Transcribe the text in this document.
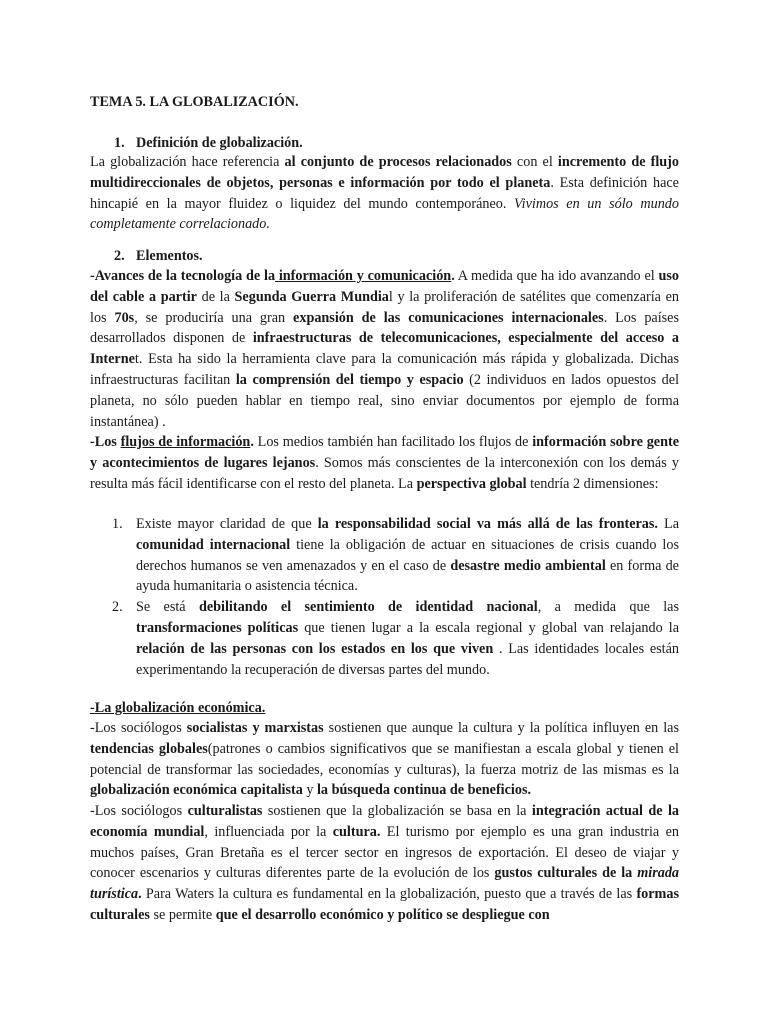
TEMA 5. LA GLOBALIZACIÓN.
1. Definición de globalización.
La globalización hace referencia al conjunto de procesos relacionados con el incremento de flujo multidireccionales de objetos, personas e información por todo el planeta. Esta definición hace hincapié en la mayor fluidez o liquidez del mundo contemporáneo. Vivimos en un sólo mundo completamente correlacionado.
2. Elementos.
-Avances de la tecnología de la información y comunicación. A medida que ha ido avanzando el uso del cable a partir de la Segunda Guerra Mundial y la proliferación de satélites que comenzaría en los 70s, se produciría una gran expansión de las comunicaciones internacionales. Los países desarrollados disponen de infraestructuras de telecomunicaciones, especialmente del acceso a Internet. Esta ha sido la herramienta clave para la comunicación más rápida y globalizada. Dichas infraestructuras facilitan la comprensión del tiempo y espacio (2 individuos en lados opuestos del planeta, no sólo pueden hablar en tiempo real, sino enviar documentos por ejemplo de forma instantánea) .
-Los flujos de información. Los medios también han facilitado los flujos de información sobre gente y acontecimientos de lugares lejanos. Somos más conscientes de la interconexión con los demás y resulta más fácil identificarse con el resto del planeta. La perspectiva global tendría 2 dimensiones:
1. Existe mayor claridad de que la responsabilidad social va más allá de las fronteras. La comunidad internacional tiene la obligación de actuar en situaciones de crisis cuando los derechos humanos se ven amenazados y en el caso de desastre medio ambiental en forma de ayuda humanitaria o asistencia técnica.
2. Se está debilitando el sentimiento de identidad nacional, a medida que las transformaciones políticas que tienen lugar a la escala regional y global van relajando la relación de las personas con los estados en los que viven . Las identidades locales están experimentando la recuperación de diversas partes del mundo.
-La globalización económica.
-Los sociólogos socialistas y marxistas sostienen que aunque la cultura y la política influyen en las tendencias globales(patrones o cambios significativos que se manifiestan a escala global y tienen el potencial de transformar las sociedades, economías y culturas), la fuerza motriz de las mismas es la globalización económica capitalista y la búsqueda continua de beneficios.
-Los sociólogos culturalistas sostienen que la globalización se basa en la integración actual de la economía mundial, influenciada por la cultura. El turismo por ejemplo es una gran industria en muchos países, Gran Bretaña es el tercer sector en ingresos de exportación. El deseo de viajar y conocer escenarios y culturas diferentes parte de la evolución de los gustos culturales de la mirada turística. Para Waters la cultura es fundamental en la globalización, puesto que a través de las formas culturales se permite que el desarrollo económico y político se despliegue con
